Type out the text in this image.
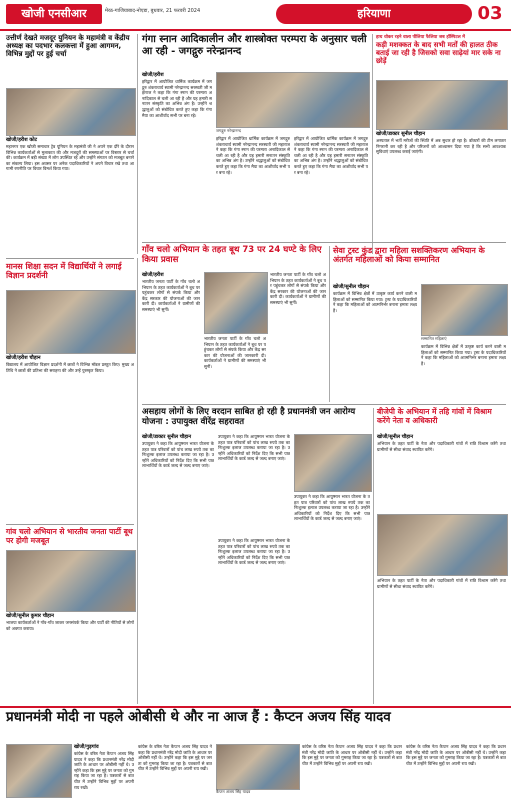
खोजी एनसीआर	मेरठ-गाजियाबाद-नोएडा, बुधवार, 21 फरवरी 2024	हरियाणा	03
उत्तीर्ण देखते मजदूर युनियन के महामंत्री व केंद्रीय अध्यक्ष का पदभार कलकत्ता में हुआ आगमन, विभिन्न मुद्दों पर हुई चर्चा
खोजी/हरीश कोट
महानगर एक खोजी समाचार ट्रेड यूनियन के महामंत्री जी ने अपने एक दौरे के दौरान विभिन्न कार्यकर्ताओं से मुलाकात की और मजदूरों की समस्याओं पर विस्तार से चर्चा की। कार्यक्रम में बड़ी संख्या में लोग उपस्थित रहे और उन्होंने संगठन को मजबूत बनाने का संकल्प लिया। इस अवसर पर अनेक पदाधिकारियों ने अपने विचार रखे तथा आगामी रणनीति पर विचार विमर्श किया गया।
गंगा स्नान आदिकालीन और शास्त्रोक्त परम्परा के अनुसार चली आ रही - जगद्गुरु नरेन्द्रानन्द
खोजी/हरीश
हरिद्वार में आयोजित धार्मिक कार्यक्रम में जगद्गुरु शंकराचार्य स्वामी नरेन्द्रानन्द सरस्वती जी महाराज ने कहा कि गंगा स्नान की परम्परा अनादिकाल से चली आ रही है और यह हमारी सनातन संस्कृति का अभिन्न अंग है। उन्होंने श्रद्धालुओं को संबोधित करते हुए कहा कि गंगा मैया का आशीर्वाद सभी पर बना रहे।
जगद्गुरु नरेन्द्रानन्द
हरिद्वार में आयोजित धार्मिक कार्यक्रम में जगद्गुरु शंकराचार्य स्वामी नरेन्द्रानन्द सरस्वती जी महाराज ने कहा कि गंगा स्नान की परम्परा अनादिकाल से चली आ रही है और यह हमारी सनातन संस्कृति का अभिन्न अंग है। उन्होंने श्रद्धालुओं को संबोधित करते हुए कहा कि गंगा मैया का आशीर्वाद सभी पर बना रहे।
हरिद्वार में आयोजित धार्मिक कार्यक्रम में जगद्गुरु शंकराचार्य स्वामी नरेन्द्रानन्द सरस्वती जी महाराज ने कहा कि गंगा स्नान की परम्परा अनादिकाल से चली आ रही है और यह हमारी सनातन संस्कृति का अभिन्न अंग है। उन्होंने श्रद्धालुओं को संबोधित करते हुए कहा कि गंगा मैया का आशीर्वाद सभी पर बना रहे।
हाथ धोकर रहने वाला पीलिया फैलिया जब हॉस्पिटल में
कड़ी मशक्कत के बाद सभी मतों की हालत ठीक बताई जा रही है जिसको सवा साढ़ेयां मार सके ना छोड़ें
खोजी/डाक्टर सुनील चौहान
अस्पताल में भर्ती मरीजों की स्थिति में अब सुधार हो रहा है। डॉक्टरों की टीम लगातार निगरानी कर रही है और परिजनों को आश्वासन दिया गया है कि सभी आवश्यक सुविधाएं उपलब्ध कराई जाएंगी।
गाँव चलो अभियान के तहत बूथ 73 पर 24 घण्टे के लिए किया प्रवास
खोजी/हरीश
भारतीय जनता पार्टी के गाँव चलो अभियान के तहत कार्यकर्ताओं ने बूथ पर पहुंचकर लोगों से संपर्क किया और केंद्र सरकार की योजनाओं की जानकारी दी। कार्यकर्ताओं ने ग्रामीणों की समस्याएं भी सुनीं।
भारतीय जनता पार्टी के गाँव चलो अभियान के तहत कार्यकर्ताओं ने बूथ पर पहुंचकर लोगों से संपर्क किया और केंद्र सरकार की योजनाओं की जानकारी दी। कार्यकर्ताओं ने ग्रामीणों की समस्याएं भी सुनीं।
भारतीय जनता पार्टी के गाँव चलो अभियान के तहत कार्यकर्ताओं ने बूथ पर पहुंचकर लोगों से संपर्क किया और केंद्र सरकार की योजनाओं की जानकारी दी। कार्यकर्ताओं ने ग्रामीणों की समस्याएं भी सुनीं।
सेवा ट्रस्ट कुंड द्वारा महिला सशक्तिकरण अभियान के अंतर्गत महिलाओं को किया सम्मानित
खोजी/सुनील चौहान
कार्यक्रम में विभिन्न क्षेत्रों में उत्कृष्ट कार्य करने वाली महिलाओं को सम्मानित किया गया। ट्रस्ट के पदाधिकारियों ने कहा कि महिलाओं को आत्मनिर्भर बनाना हमारा लक्ष्य है।
सम्मानित महिलाएं
कार्यक्रम में विभिन्न क्षेत्रों में उत्कृष्ट कार्य करने वाली महिलाओं को सम्मानित किया गया। ट्रस्ट के पदाधिकारियों ने कहा कि महिलाओं को आत्मनिर्भर बनाना हमारा लक्ष्य है।
मानस शिक्षा सदन में विद्यार्थियों ने लगाई विज्ञान प्रदर्शनी
खोजी/हरीश चौहान
विद्यालय में आयोजित विज्ञान प्रदर्शनी में छात्रों ने विभिन्न मॉडल प्रस्तुत किए। मुख्य अतिथि ने छात्रों की प्रतिभा की सराहना की और उन्हें पुरस्कृत किया।
गांव चलो अभियान से भारतीय जनता पार्टी बूथ पर होगी मजबूत
खोजी/सुनील कुमार चौहान
भाजपा कार्यकर्ताओं ने गाँव-गाँव जाकर जनसंपर्क किया और पार्टी की नीतियों से लोगों को अवगत कराया।
असहाय लोगों के लिए वरदान साबित हो रही है प्रधानमंत्री जन आरोग्य योजना : उपायुक्त वीरेंद्र सहरावत
खोजी/डाक्टर सुनील चौहान
उपायुक्त ने कहा कि आयुष्मान भारत योजना के तहत पात्र परिवारों को पांच लाख रुपये तक का निःशुल्क इलाज उपलब्ध कराया जा रहा है। उन्होंने अधिकारियों को निर्देश दिए कि सभी पात्र लाभार्थियों के कार्ड जल्द से जल्द बनाए जाएं।
उपायुक्त ने कहा कि आयुष्मान भारत योजना के तहत पात्र परिवारों को पांच लाख रुपये तक का निःशुल्क इलाज उपलब्ध कराया जा रहा है। उन्होंने अधिकारियों को निर्देश दिए कि सभी पात्र लाभार्थियों के कार्ड जल्द से जल्द बनाए जाएं।
उपायुक्त ने कहा कि आयुष्मान भारत योजना के तहत पात्र परिवारों को पांच लाख रुपये तक का निःशुल्क इलाज उपलब्ध कराया जा रहा है। उन्होंने अधिकारियों को निर्देश दिए कि सभी पात्र लाभार्थियों के कार्ड जल्द से जल्द बनाए जाएं।
उपायुक्त ने कहा कि आयुष्मान भारत योजना के तहत पात्र परिवारों को पांच लाख रुपये तक का निःशुल्क इलाज उपलब्ध कराया जा रहा है। उन्होंने अधिकारियों को निर्देश दिए कि सभी पात्र लाभार्थियों के कार्ड जल्द से जल्द बनाए जाएं।
बीजेपी के अभियान में तहि गांवों में विश्राम करेंगे नेता व अधिकारी
खोजी/सुनील चौहान
अभियान के तहत पार्टी के नेता और पदाधिकारी गांवों में रात्रि विश्राम करेंगे तथा ग्रामीणों से सीधा संवाद स्थापित करेंगे।
अभियान के तहत पार्टी के नेता और पदाधिकारी गांवों में रात्रि विश्राम करेंगे तथा ग्रामीणों से सीधा संवाद स्थापित करेंगे।
प्रधानमंत्री मोदी ना पहले ओबीसी थे और ना आज हैं : कैप्टन अजय सिंह यादव
खोजी/गुड़गांव
कांग्रेस के वरिष्ठ नेता कैप्टन अजय सिंह यादव ने कहा कि प्रधानमंत्री नरेंद्र मोदी जाति के आधार पर ओबीसी नहीं थे। उन्होंने कहा कि इस मुद्दे पर जनता को गुमराह किया जा रहा है। पत्रकारों से बातचीत में उन्होंने विभिन्न मुद्दों पर अपनी राय रखी।
कांग्रेस के वरिष्ठ नेता कैप्टन अजय सिंह यादव ने कहा कि प्रधानमंत्री नरेंद्र मोदी जाति के आधार पर ओबीसी नहीं थे। उन्होंने कहा कि इस मुद्दे पर जनता को गुमराह किया जा रहा है। पत्रकारों से बातचीत में उन्होंने विभिन्न मुद्दों पर अपनी राय रखी।
कैप्टन अजय सिंह यादव
कांग्रेस के वरिष्ठ नेता कैप्टन अजय सिंह यादव ने कहा कि प्रधानमंत्री नरेंद्र मोदी जाति के आधार पर ओबीसी नहीं थे। उन्होंने कहा कि इस मुद्दे पर जनता को गुमराह किया जा रहा है। पत्रकारों से बातचीत में उन्होंने विभिन्न मुद्दों पर अपनी राय रखी।
कांग्रेस के वरिष्ठ नेता कैप्टन अजय सिंह यादव ने कहा कि प्रधानमंत्री नरेंद्र मोदी जाति के आधार पर ओबीसी नहीं थे। उन्होंने कहा कि इस मुद्दे पर जनता को गुमराह किया जा रहा है। पत्रकारों से बातचीत में उन्होंने विभिन्न मुद्दों पर अपनी राय रखी।
